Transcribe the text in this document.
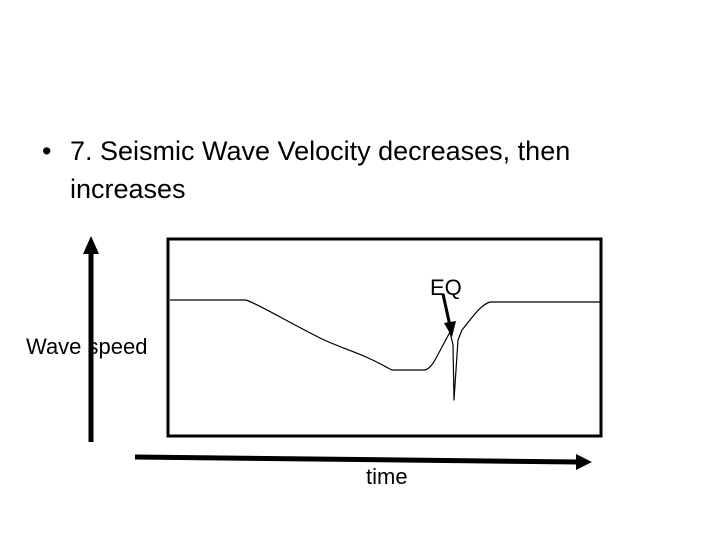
• 7. Seismic Wave Velocity decreases, then increases
EQ
Wave speed
time
